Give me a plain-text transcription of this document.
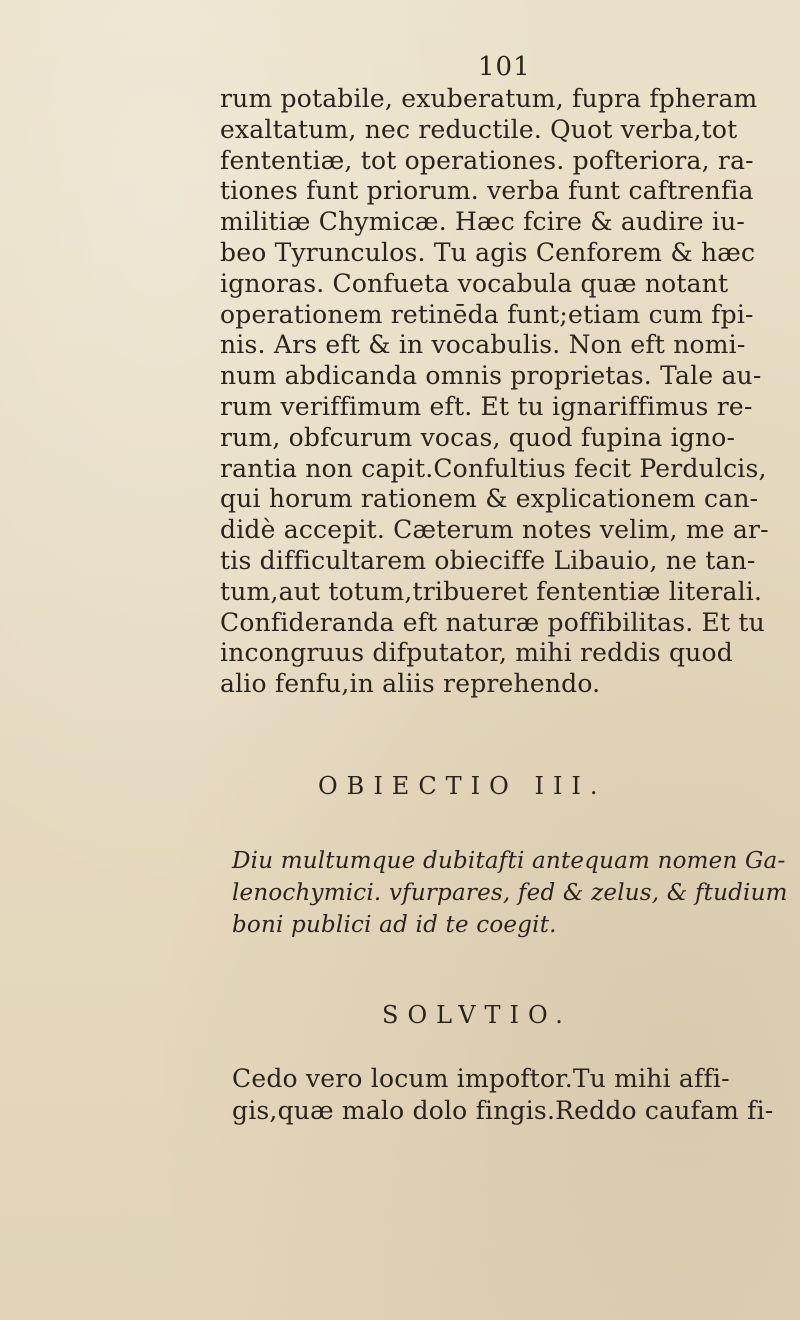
101
rum potabile, exuberatum, fupra fpheram
exaltatum, nec reductile. Quot verba,tot
fententiæ, tot operationes. pofteriora, ra-
tiones funt priorum. verba funt caftrenfia
militiæ Chymicæ. Hæc fcire & audire iu-
beo Tyrunculos. Tu agis Cenforem & hæc
ignoras. Confueta vocabula quæ notant
operationem retinēda funt;etiam cum fpi-
nis. Ars eft & in vocabulis. Non eft nomi-
num abdicanda omnis proprietas. Tale au-
rum veriffimum eft. Et tu ignariffimus re-
rum, obfcurum vocas, quod fupina igno-
rantia non capit.Confultius fecit Perdulcis,
qui horum rationem & explicationem can-
didè accepit. Cæterum notes velim, me ar-
tis difficultarem obieciffe Libauio, ne tan-
tum,aut totum,tribueret fententiæ literali.
Confideranda eft naturæ poffibilitas. Et tu
incongruus difputator, mihi reddis quod
alio fenfu,in aliis reprehendo.
OBIECTIO III.
Diu multumque dubitafti antequam nomen Ga-
lenochymici. vfurpares, fed & zelus, & ftudium
boni publici ad id te coegit.
SOLVTIO.
Cedo vero locum impoftor.Tu mihi affi-
gis,quæ malo dolo fingis.Reddo caufam fi-
